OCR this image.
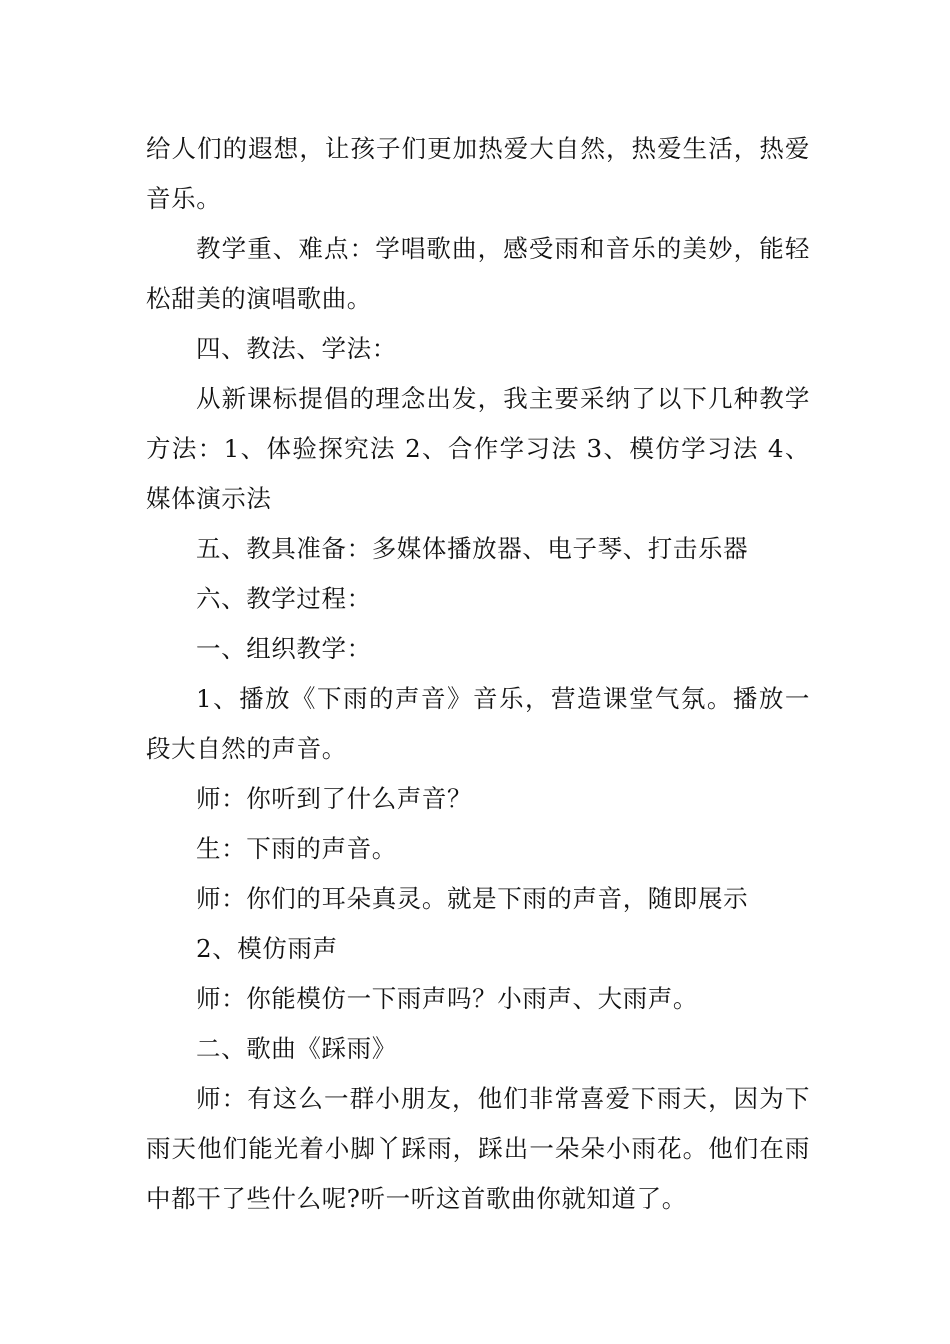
给人们的遐想，让孩子们更加热爱大自然，热爱生活，热爱音乐。

教学重、难点：学唱歌曲，感受雨和音乐的美妙，能轻松甜美的演唱歌曲。

四、教法、学法：

从新课标提倡的理念出发，我主要采纳了以下几种教学方法：1、体验探究法 2、合作学习法 3、模仿学习法 4、媒体演示法

五、教具准备：多媒体播放器、电子琴、打击乐器

六、教学过程：

一、组织教学：

1、播放《下雨的声音》音乐，营造课堂气氛。播放一段大自然的声音。

师：你听到了什么声音？

生：下雨的声音。

师：你们的耳朵真灵。就是下雨的声音，随即展示

2、模仿雨声

师：你能模仿一下雨声吗？小雨声、大雨声。

二、歌曲《踩雨》

师：有这么一群小朋友，他们非常喜爱下雨天，因为下雨天他们能光着小脚丫踩雨，踩出一朵朵小雨花。他们在雨中都干了些什么呢?听一听这首歌曲你就知道了。
